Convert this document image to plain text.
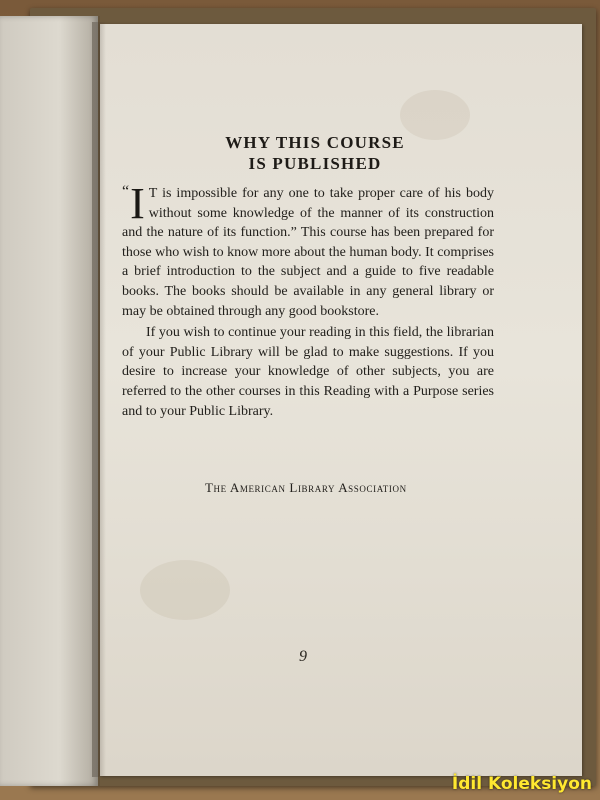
WHY THIS COURSE
IS PUBLISHED

“ I T is impossible for any one to take proper care of his body without some knowledge of the manner of its construction and the nature of its function.” This course has been prepared for those who wish to know more about the human body. It comprises a brief introduction to the subject and a guide to five readable books. The books should be available in any general library or may be obtained through any good bookstore.

If you wish to continue your reading in this field, the librarian of your Public Library will be glad to make suggestions. If you desire to increase your knowledge of other subjects, you are referred to the other courses in this Reading with a Purpose series and to your Public Library.

The American Library Association
9
İdil Koleksiyon
